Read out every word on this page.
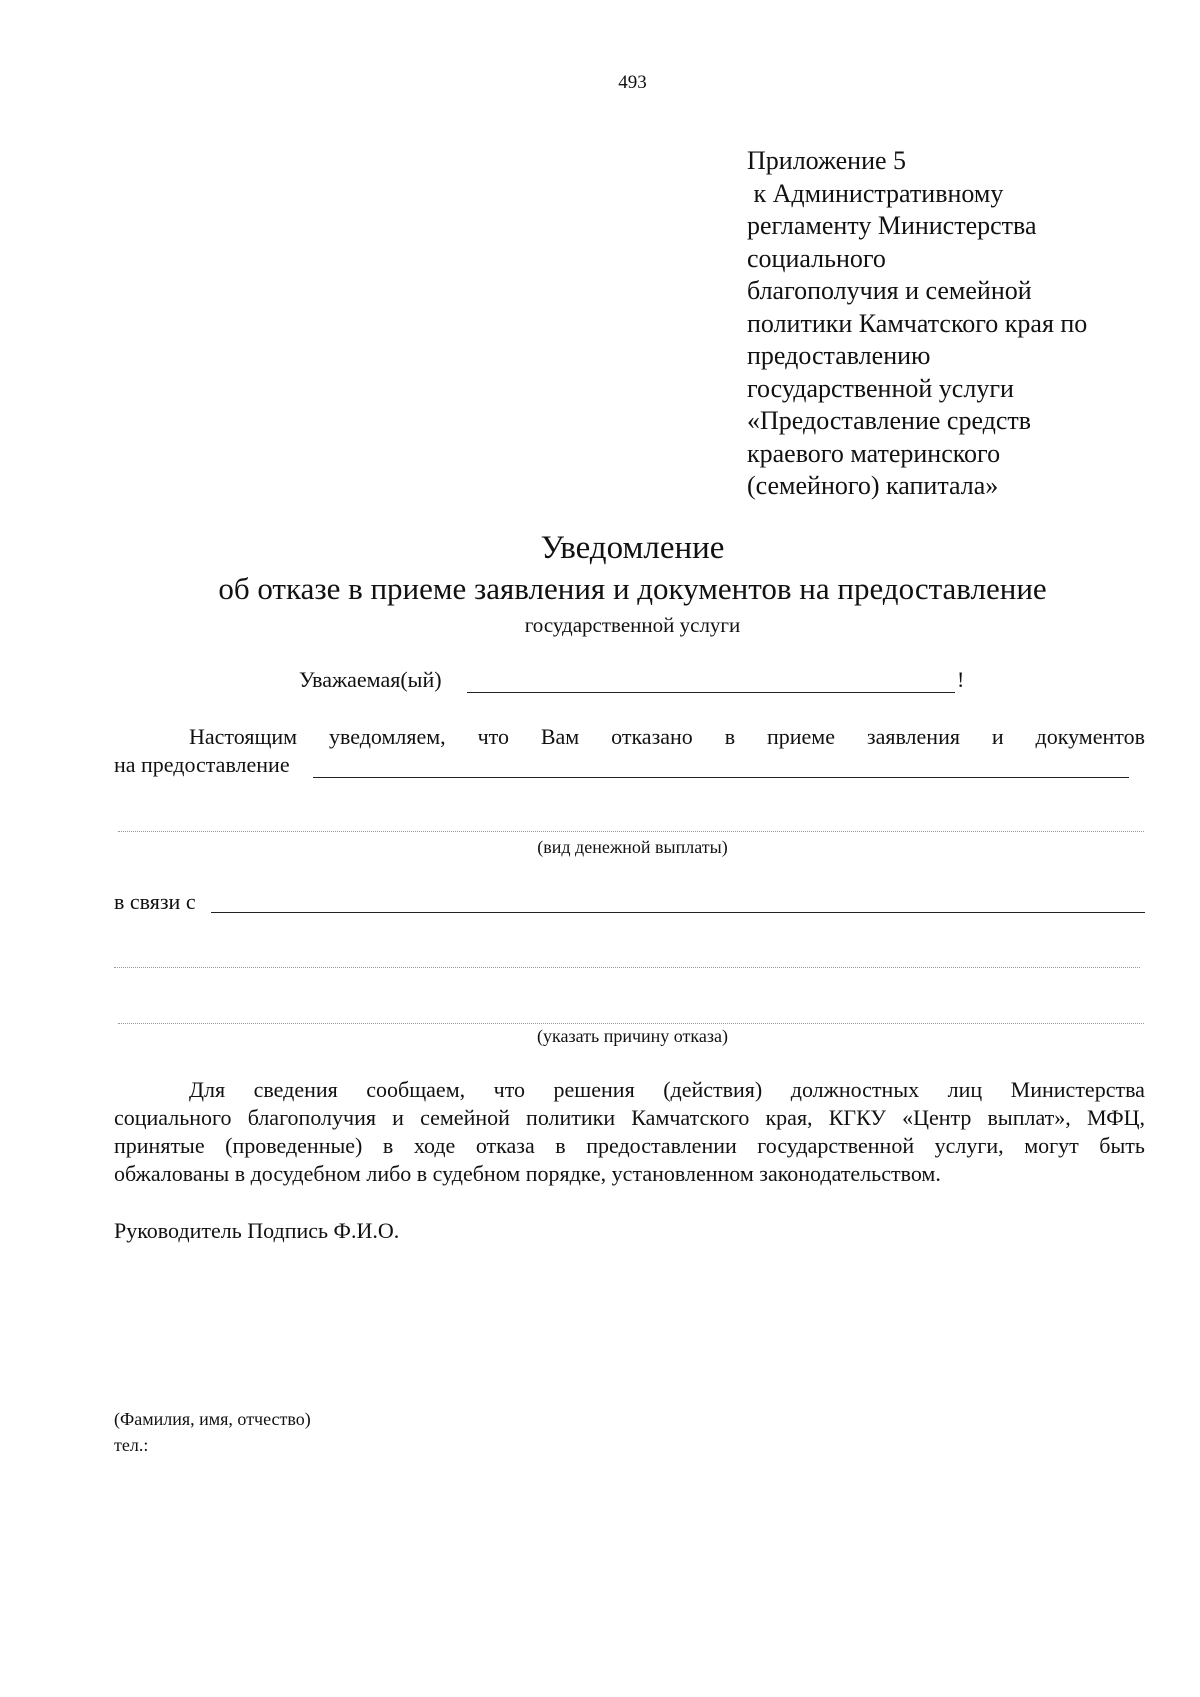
493
Приложение 5
к Административному
регламенту Министерства
социального
благополучия и семейной
политики Камчатского края по
предоставлению
государственной услуги
«Предоставление средств
краевого материнского
(семейного) капитала»
Уведомление
об отказе в приеме заявления и документов на предоставление
государственной услуги
Уважаемая(ый)	!
Настоящим уведомляем, что Вам отказано в приеме заявления и документов
на предоставление
(вид денежной выплаты)
в связи с
(указать причину отказа)
Для сведения сообщаем, что решения (действия) должностных лиц Министерства
социального благополучия и семейной политики Камчатского края, КГКУ «Центр выплат», МФЦ,
принятые (проведенные) в ходе отказа в предоставлении государственной услуги, могут быть
обжалованы в досудебном либо в судебном порядке, установленном законодательством.
Руководитель Подпись Ф.И.О.
(Фамилия, имя, отчество)
тел.:
